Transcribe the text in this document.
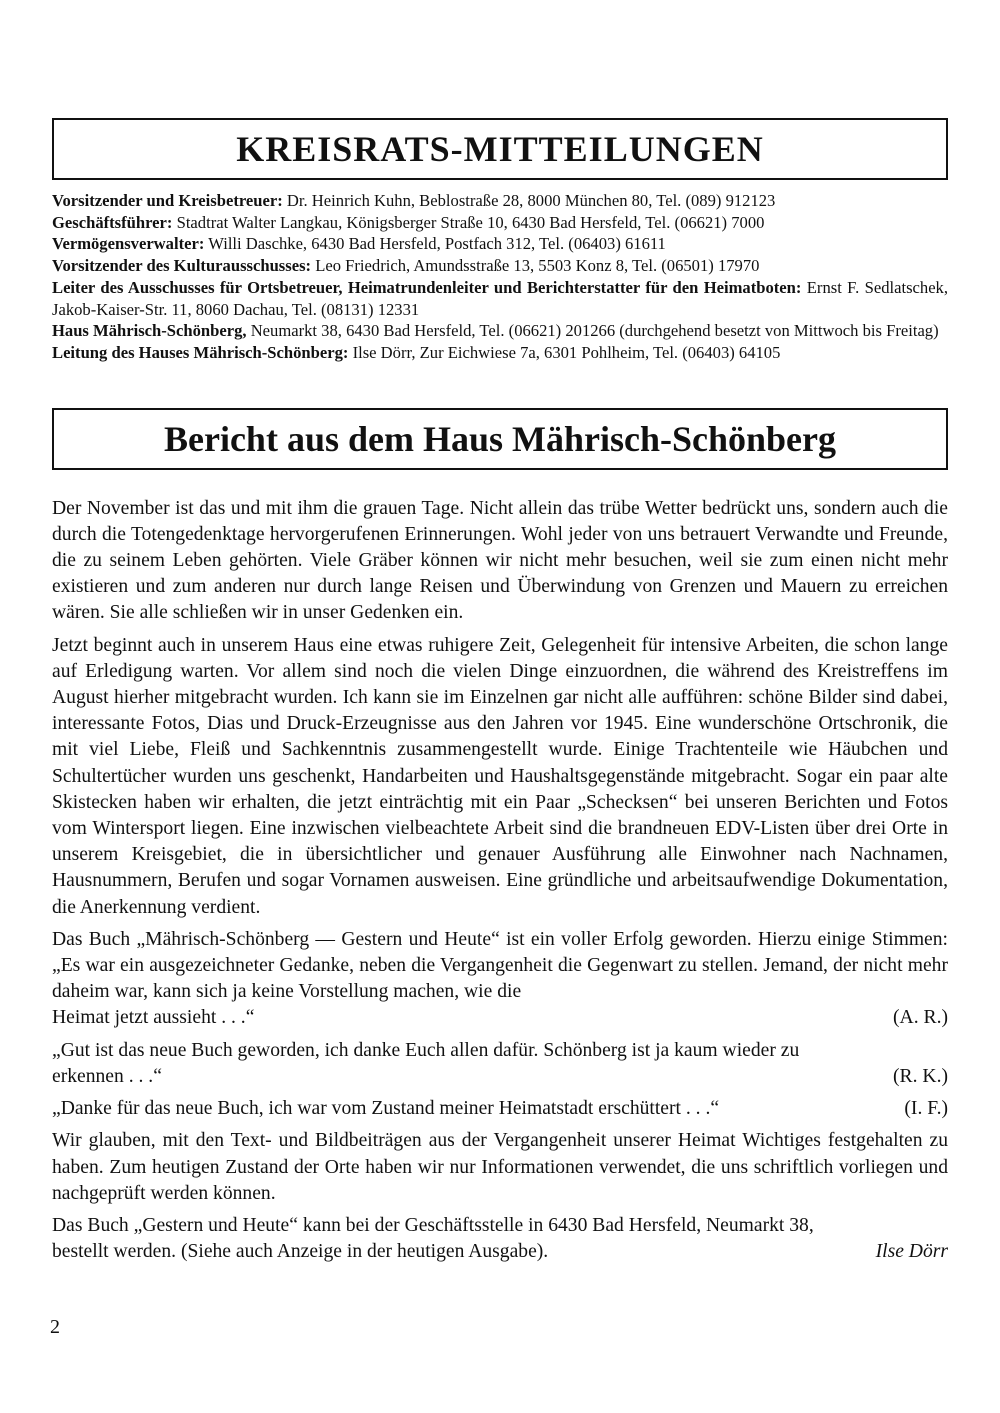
KREISRATS-MITTEILUNGEN

Vorsitzender und Kreisbetreuer: Dr. Heinrich Kuhn, Beblostraße 28, 8000 München 80, Tel. (089) 912123

Geschäftsführer: Stadtrat Walter Langkau, Königsberger Straße 10, 6430 Bad Hersfeld, Tel. (06621) 7000

Vermögensverwalter: Willi Daschke, 6430 Bad Hersfeld, Postfach 312, Tel. (06403) 61611

Vorsitzender des Kulturausschusses: Leo Friedrich, Amundsstraße 13, 5503 Konz 8, Tel. (06501) 17970

Leiter des Ausschusses für Ortsbetreuer, Heimatrundenleiter und Berichterstatter für den Heimatboten: Ernst F. Sedlatschek, Jakob-Kaiser-Str. 11, 8060 Dachau, Tel. (08131) 12331

Haus Mährisch-Schönberg, Neumarkt 38, 6430 Bad Hersfeld, Tel. (06621) 201266 (durchgehend besetzt von Mittwoch bis Freitag)

Leitung des Hauses Mährisch-Schönberg: Ilse Dörr, Zur Eichwiese 7a, 6301 Pohlheim, Tel. (06403) 64105

Bericht aus dem Haus Mährisch-Schönberg

Der November ist das und mit ihm die grauen Tage. Nicht allein das trübe Wetter bedrückt uns, sondern auch die durch die Totengedenktage hervorgerufenen Erinnerungen. Wohl jeder von uns betrauert Verwandte und Freunde, die zu seinem Leben gehörten. Viele Gräber können wir nicht mehr besuchen, weil sie zum einen nicht mehr existieren und zum anderen nur durch lange Reisen und Überwindung von Grenzen und Mauern zu erreichen wären. Sie alle schließen wir in unser Gedenken ein.

Jetzt beginnt auch in unserem Haus eine etwas ruhigere Zeit, Gelegenheit für intensive Arbeiten, die schon lange auf Erledigung warten. Vor allem sind noch die vielen Dinge einzuordnen, die während des Kreistreffens im August hierher mitgebracht wurden. Ich kann sie im Einzelnen gar nicht alle aufführen: schöne Bilder sind dabei, interessante Fotos, Dias und Druck-Erzeugnisse aus den Jahren vor 1945. Eine wunderschöne Ortschronik, die mit viel Liebe, Fleiß und Sachkenntnis zusammengestellt wurde. Einige Trachtenteile wie Häubchen und Schultertücher wurden uns geschenkt, Handarbeiten und Haushaltsgegenstände mitgebracht. Sogar ein paar alte Skistecken haben wir erhalten, die jetzt einträchtig mit ein Paar „Schecksen“ bei unseren Berichten und Fotos vom Wintersport liegen. Eine inzwischen vielbeachtete Arbeit sind die brandneuen EDV-Listen über drei Orte in unserem Kreisgebiet, die in übersichtlicher und genauer Ausführung alle Einwohner nach Nachnamen, Hausnummern, Berufen und sogar Vornamen ausweisen. Eine gründliche und arbeitsaufwendige Dokumentation, die Anerkennung verdient.

Das Buch „Mährisch-Schönberg — Gestern und Heute“ ist ein voller Erfolg geworden. Hierzu einige Stimmen: „Es war ein ausgezeichneter Gedanke, neben die Vergangenheit die Gegenwart zu stellen. Jemand, der nicht mehr daheim war, kann sich ja keine Vorstellung machen, wie die
Heimat jetzt aussieht . . .“	(A. R.)

„Gut ist das neue Buch geworden, ich danke Euch allen dafür. Schönberg ist ja kaum wieder zu
erkennen . . .“	(R. K.)

„Danke für das neue Buch, ich war vom Zustand meiner Heimatstadt erschüttert . . .“	(I. F.)

Wir glauben, mit den Text- und Bildbeiträgen aus der Vergangenheit unserer Heimat Wichtiges festgehalten zu haben. Zum heutigen Zustand der Orte haben wir nur Informationen verwendet, die uns schriftlich vorliegen und nachgeprüft werden können.

Das Buch „Gestern und Heute“ kann bei der Geschäftsstelle in 6430 Bad Hersfeld, Neumarkt 38,
bestellt werden. (Siehe auch Anzeige in der heutigen Ausgabe).	Ilse Dörr

2
